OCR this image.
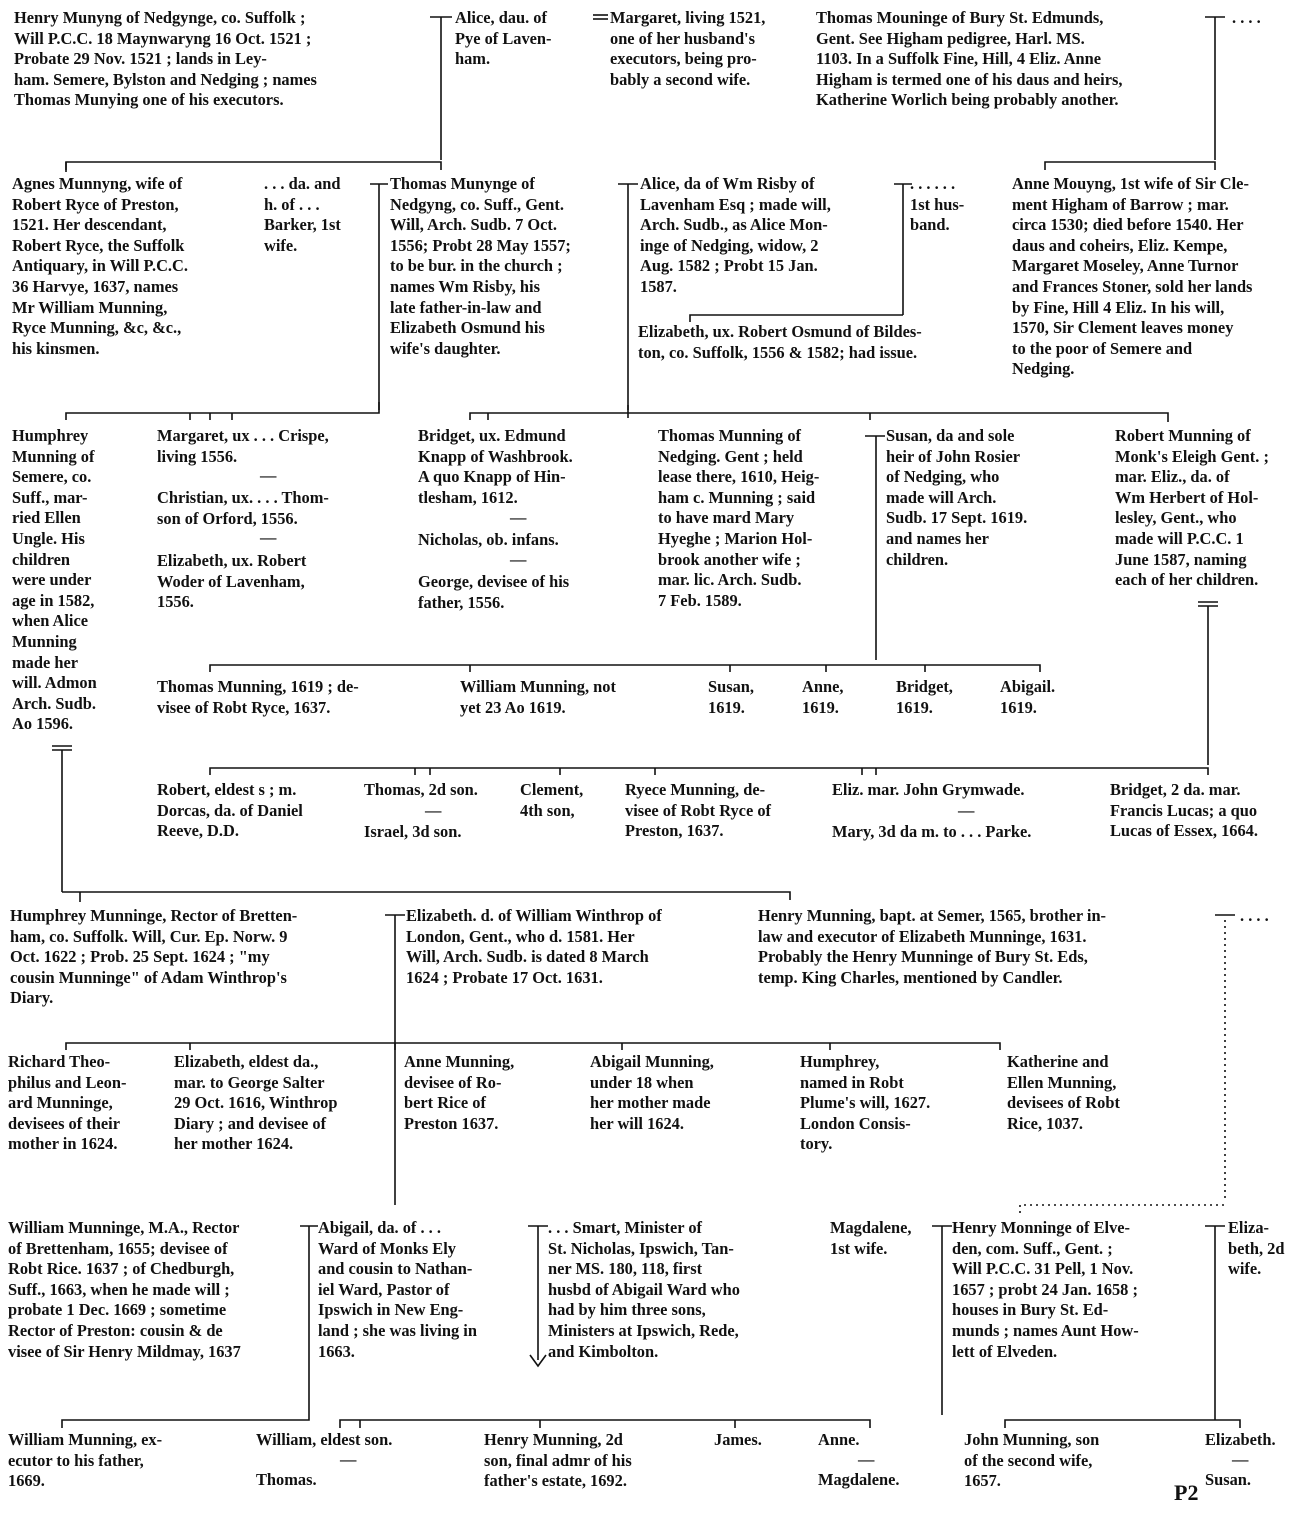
Henry Munyng of Nedgynge, co. Suffolk ;
Will P.C.C. 18 Maynwaryng 16 Oct. 1521 ;
Probate 29 Nov. 1521 ; lands in Ley-
ham. Semere, Bylston and Nedging ; names
Thomas Munying one of his executors.
Alice, dau. of
Pye of Laven-
ham.
Margaret, living 1521,
one of her husband's
executors, being pro-
bably a second wife.
Thomas Mouninge of Bury St. Edmunds,
Gent. See Higham pedigree, Harl. MS.
1103. In a Suffolk Fine, Hill, 4 Eliz. Anne
Higham is termed one of his daus and heirs,
Katherine Worlich being probably another.
. . . .
Agnes Munnyng, wife of
Robert Ryce of Preston,
1521. Her descendant,
Robert Ryce, the Suffolk
Antiquary, in Will P.C.C.
36 Harvye, 1637, names
Mr William Munning,
Ryce Munning, &c, &c.,
his kinsmen.
. . . da. and
h. of . . .
Barker, 1st
wife.
Thomas Munynge of
Nedgyng, co. Suff., Gent.
Will, Arch. Sudb. 7 Oct.
1556; Probt 28 May 1557;
to be bur. in the church ;
names Wm Risby, his
late father-in-law and
Elizabeth Osmund his
wife's daughter.
Alice, da of Wm Risby of
Lavenham Esq ; made will,
Arch. Sudb., as Alice Mon-
inge of Nedging, widow, 2
Aug. 1582 ; Probt 15 Jan.
1587.
. . . . . .
1st hus-
band.
Elizabeth, ux. Robert Osmund of Bildes-
ton, co. Suffolk, 1556 & 1582; had issue.
Anne Mouyng, 1st wife of Sir Cle-
ment Higham of Barrow ; mar.
circa 1530; died before 1540. Her
daus and coheirs, Eliz. Kempe,
Margaret Moseley, Anne Turnor
and Frances Stoner, sold her lands
by Fine, Hill 4 Eliz. In his will,
1570, Sir Clement leaves money
to the poor of Semere and
Nedging.
Humphrey
Munning of
Semere, co.
Suff., mar-
ried Ellen
Ungle. His
children
were under
age in 1582,
when Alice
Munning
made her
will. Admon
Arch. Sudb.
Ao 1596.
Margaret, ux . . . Crispe,
living 1556.
—
Christian, ux. . . . Thom-
son of Orford, 1556.
—
Elizabeth, ux. Robert
Woder of Lavenham,
1556.
Bridget, ux. Edmund
Knapp of Washbrook.
A quo Knapp of Hin-
tlesham, 1612.
—
Nicholas, ob. infans.
—
George, devisee of his
father, 1556.
Thomas Munning of
Nedging. Gent ; held
lease there, 1610, Heig-
ham c. Munning ; said
to have mard Mary
Hyeghe ; Marion Hol-
brook another wife ;
mar. lic. Arch. Sudb.
7 Feb. 1589.
Susan, da and sole
heir of John Rosier
of Nedging, who
made will Arch.
Sudb. 17 Sept. 1619.
and names her
children.
Robert Munning of
Monk's Eleigh Gent. ;
mar. Eliz., da. of
Wm Herbert of Hol-
lesley, Gent., who
made will P.C.C. 1
June 1587, naming
each of her children.
Thomas Munning, 1619 ; de-
visee of Robt Ryce, 1637.
William Munning, not
yet 23 Ao 1619.
Susan,
1619.
Anne,
1619.
Bridget,
1619.
Abigail.
1619.
Robert, eldest s ; m.
Dorcas, da. of Daniel
Reeve, D.D.
Thomas, 2d son.
—
Israel, 3d son.
Clement,
4th son,
Ryece Munning, de-
visee of Robt Ryce of
Preston, 1637.
Eliz. mar. John Grymwade.
—
Mary, 3d da m. to . . . Parke.
Bridget, 2 da. mar.
Francis Lucas; a quo
Lucas of Essex, 1664.
Humphrey Munninge, Rector of Bretten-
ham, co. Suffolk. Will, Cur. Ep. Norw. 9
Oct. 1622 ; Prob. 25 Sept. 1624 ; "my
cousin Munninge" of Adam Winthrop's
Diary.
Elizabeth. d. of William Winthrop of
London, Gent., who d. 1581. Her
Will, Arch. Sudb. is dated 8 March
1624 ; Probate 17 Oct. 1631.
Henry Munning, bapt. at Semer, 1565, brother in-
law and executor of Elizabeth Munninge, 1631.
Probably the Henry Munninge of Bury St. Eds,
temp. King Charles, mentioned by Candler.
. . . .
Richard Theo-
philus and Leon-
ard Munninge,
devisees of their
mother in 1624.
Elizabeth, eldest da.,
mar. to George Salter
29 Oct. 1616, Winthrop
Diary ; and devisee of
her mother 1624.
Anne Munning,
devisee of Ro-
bert Rice of
Preston 1637.
Abigail Munning,
under 18 when
her mother made
her will 1624.
Humphrey,
named in Robt
Plume's will, 1627.
London Consis-
tory.
Katherine and
Ellen Munning,
devisees of Robt
Rice, 1037.
William Munninge, M.A., Rector
of Brettenham, 1655; devisee of
Robt Rice. 1637 ; of Chedburgh,
Suff., 1663, when he made will ;
probate 1 Dec. 1669 ; sometime
Rector of Preston: cousin & de
visee of Sir Henry Mildmay, 1637
Abigail, da. of . . .
Ward of Monks Ely
and cousin to Nathan-
iel Ward, Pastor of
Ipswich in New Eng-
land ; she was living in
1663.
. . . Smart, Minister of
St. Nicholas, Ipswich, Tan-
ner MS. 180, 118, first
husbd of Abigail Ward who
had by him three sons,
Ministers at Ipswich, Rede,
and Kimbolton.
Magdalene,
1st wife.
Henry Monninge of Elve-
den, com. Suff., Gent. ;
Will P.C.C. 31 Pell, 1 Nov.
1657 ; probt 24 Jan. 1658 ;
houses in Bury St. Ed-
munds ; names Aunt How-
lett of Elveden.
Eliza-
beth, 2d
wife.
William Munning, ex-
ecutor to his father,
1669.
William, eldest son.
—
Thomas.
Henry Munning, 2d
son, final admr of his
father's estate, 1692.
James.	Anne.
—
Magdalene.
John Munning, son
of the second wife,
1657.
Elizabeth.
—
Susan.
P2
